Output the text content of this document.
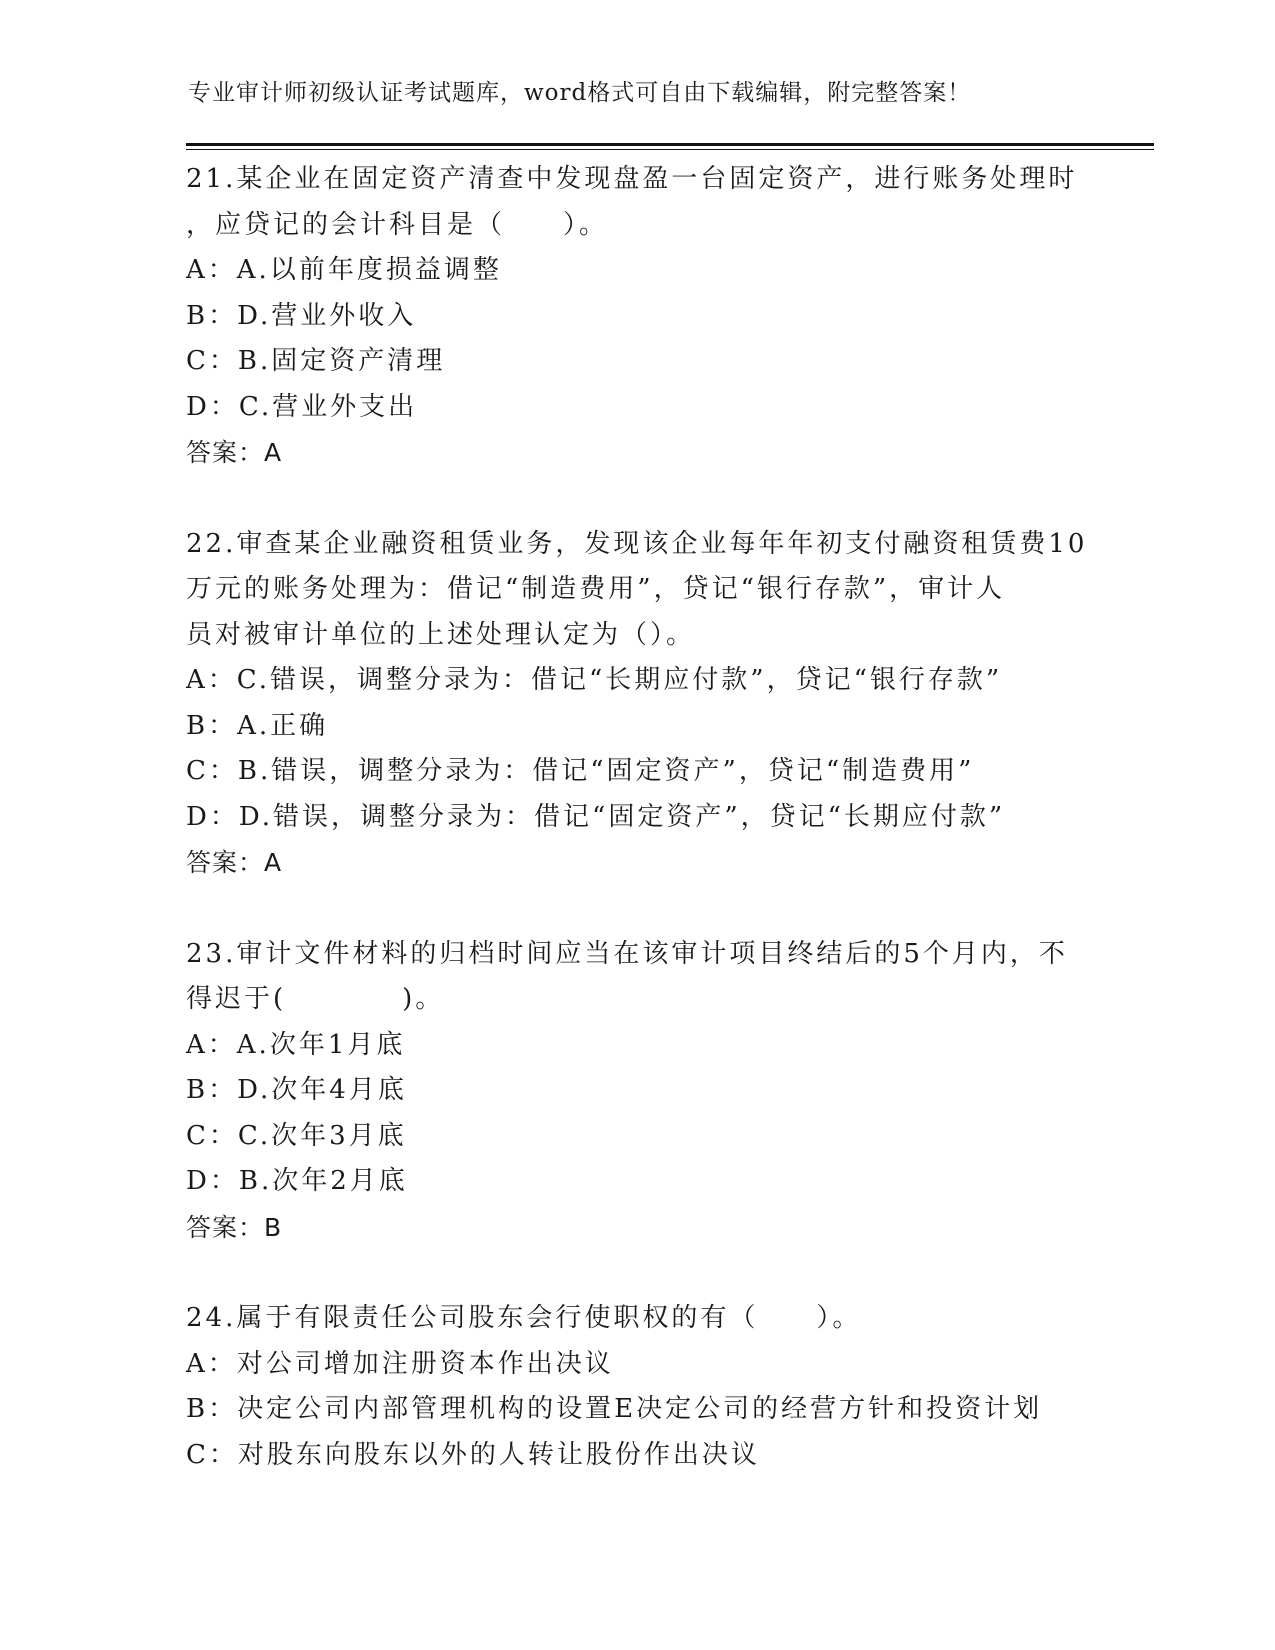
专业审计师初级认证考试题库，word格式可自由下载编辑，附完整答案！
21.某企业在固定资产清查中发现盘盈一台固定资产，进行账务处理时
，应贷记的会计科目是（　　）。
A：A.以前年度损益调整
B：D.营业外收入
C：B.固定资产清理
D：C.营业外支出
答案：A
22.审查某企业融资租赁业务，发现该企业每年年初支付融资租赁费10
万元的账务处理为：借记“制造费用”，贷记“银行存款”，审计人
员对被审计单位的上述处理认定为（）。
A：C.错误，调整分录为：借记“长期应付款”，贷记“银行存款”
B：A.正确
C：B.错误，调整分录为：借记“固定资产”，贷记“制造费用”
D：D.错误，调整分录为：借记“固定资产”，贷记“长期应付款”
答案：A
23.审计文件材料的归档时间应当在该审计项目终结后的5个月内，不
得迟于(　　　　)。
A：A.次年1月底
B：D.次年4月底
C：C.次年3月底
D：B.次年2月底
答案：B
24.属于有限责任公司股东会行使职权的有（　　）。
A：对公司增加注册资本作出决议
B：决定公司内部管理机构的设置E决定公司的经营方针和投资计划
C：对股东向股东以外的人转让股份作出决议
